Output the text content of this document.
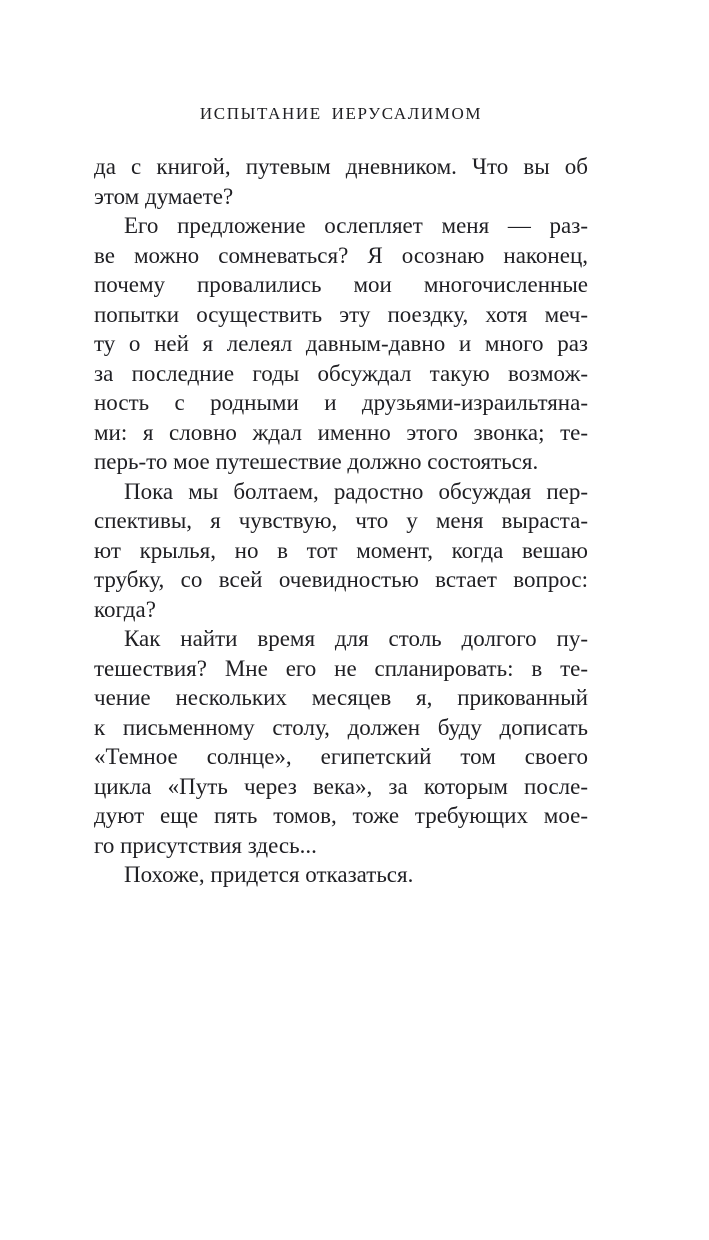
ИСПЫТАНИЕ ИЕРУСАЛИМОМ
да с книгой, путевым дневником. Что вы об
этом думаете?
Его предложение ослепляет меня — раз-
ве можно сомневаться? Я осознаю наконец,
почему провалились мои многочисленные
попытки осуществить эту поездку, хотя меч-
ту о ней я лелеял давным-давно и много раз
за последние годы обсуждал такую возмож-
ность с родными и друзьями-израильтяна-
ми: я словно ждал именно этого звонка; те-
перь-то мое путешествие должно состояться.
Пока мы болтаем, радостно обсуждая пер-
спективы, я чувствую, что у меня выраста-
ют крылья, но в тот момент, когда вешаю
трубку, со всей очевидностью встает вопрос:
когда?
Как найти время для столь долгого пу-
тешествия? Мне его не спланировать: в те-
чение нескольких месяцев я, прикованный
к письменному столу, должен буду дописать
«Темное солнце», египетский том своего
цикла «Путь через века», за которым после-
дуют еще пять томов, тоже требующих мое-
го присутствия здесь...
Похоже, придется отказаться.
